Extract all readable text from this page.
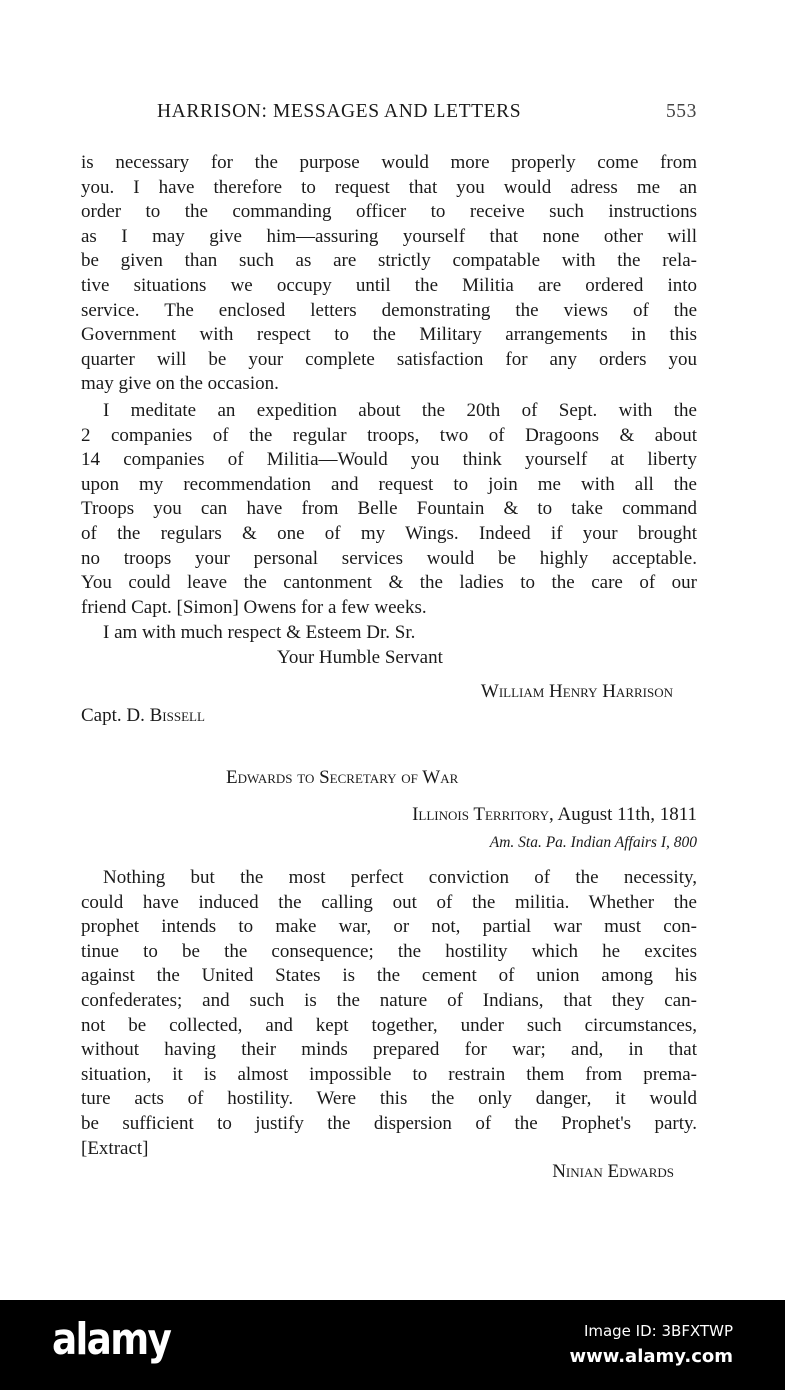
HARRISON: MESSAGES AND LETTERS	553
is necessary for the purpose would more properly come from
you. I have therefore to request that you would adress me an
order to the commanding officer to receive such instructions
as I may give him—assuring yourself that none other will
be given than such as are strictly compatable with the rela-
tive situations we occupy until the Militia are ordered into
service. The enclosed letters demonstrating the views of the
Government with respect to the Military arrangements in this
quarter will be your complete satisfaction for any orders you
may give on the occasion.
I meditate an expedition about the 20th of Sept. with the
2 companies of the regular troops, two of Dragoons & about
14 companies of Militia—Would you think yourself at liberty
upon my recommendation and request to join me with all the
Troops you can have from Belle Fountain & to take command
of the regulars & one of my Wings. Indeed if your brought
no troops your personal services would be highly acceptable.
You could leave the cantonment & the ladies to the care of our
friend Capt. [Simon] Owens for a few weeks.
I am with much respect & Esteem Dr. Sr.
Your Humble Servant
William Henry Harrison
Capt. D. Bissell
Edwards to Secretary of War
Illinois Territory, August 11th, 1811
Am. Sta. Pa. Indian Affairs I, 800
Nothing but the most perfect conviction of the necessity,
could have induced the calling out of the militia. Whether the
prophet intends to make war, or not, partial war must con-
tinue to be the consequence; the hostility which he excites
against the United States is the cement of union among his
confederates; and such is the nature of Indians, that they can-
not be collected, and kept together, under such circumstances,
without having their minds prepared for war; and, in that
situation, it is almost impossible to restrain them from prema-
ture acts of hostility. Were this the only danger, it would
be sufficient to justify the dispersion of the Prophet's party.
[Extract]
Ninian Edwards
alamy	Image ID: 3BFXTWP
www.alamy.com
